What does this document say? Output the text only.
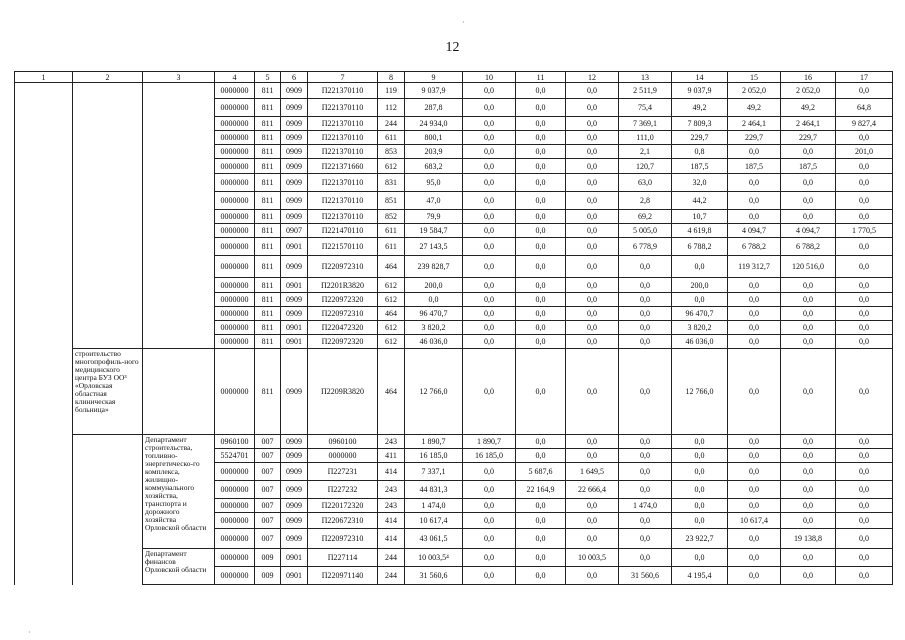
12
1	2	3	4	5	6	7	8	9	10	11	12	13	14	15	16	17
			0000000	811	0909	П221370110	119	9 037,9	0,0	0,0	0,0	2 511,9	9 037,9	2 052,0	2 052,0	0,0
			0000000	811	0909	П221370110	112	287,8	0,0	0,0	0,0	75,4	49,2	49,2	49,2	64,8
			0000000	811	0909	П221370110	244	24 934,0	0,0	0,0	0,0	7 369,1	7 809,3	2 464,1	2 464,1	9 827,4
			0000000	811	0909	П221370110	611	800,1	0,0	0,0	0,0	111,0	229,7	229,7	229,7	0,0
			0000000	811	0909	П221370110	853	203,9	0,0	0,0	0,0	2,1	0,8	0,0	0,0	201,0
			0000000	811	0909	П221371660	612	683,2	0,0	0,0	0,0	120,7	187,5	187,5	187,5	0,0
			0000000	811	0909	П221370110	831	95,0	0,0	0,0	0,0	63,0	32,0	0,0	0,0	0,0
			0000000	811	0909	П221370110	851	47,0	0,0	0,0	0,0	2,8	44,2	0,0	0,0	0,0
			0000000	811	0909	П221370110	852	79,9	0,0	0,0	0,0	69,2	10,7	0,0	0,0	0,0
			0000000	811	0907	П221470110	611	19 584,7	0,0	0,0	0,0	5 005,0	4 619,8	4 094,7	4 094,7	1 770,5
			0000000	811	0901	П221570110	611	27 143,5	0,0	0,0	0,0	6 778,9	6 788,2	6 788,2	6 788,2	0,0
			0000000	811	0909	П220972310	464	239 828,7	0,0	0,0	0,0	0,0	0,0	119 312,7	120 516,0	0,0
			0000000	811	0901	П2201R3820	612	200,0	0,0	0,0	0,0	0,0	200,0	0,0	0,0	0,0
			0000000	811	0909	П220972320	612	0,0	0,0	0,0	0,0	0,0	0,0	0,0	0,0	0,0
			0000000	811	0909	П220972310	464	96 470,7	0,0	0,0	0,0	0,0	96 470,7	0,0	0,0	0,0
			0000000	811	0901	П220472320	612	3 820,2	0,0	0,0	0,0	0,0	3 820,2	0,0	0,0	0,0
			0000000	811	0901	П220972320	612	46 036,0	0,0	0,0	0,0	0,0	46 036,0	0,0	0,0	0,0
	строительство многопрофиль-ного медицинского центра БУЗ ОО³ «Орловская областная клиническая больница»		0000000	811	0909	П2209R3820	464	12 766,0	0,0	0,0	0,0	0,0	12 766,0	0,0	0,0	0,0
		Департамент строительства, топливно-энергетическо-го комплекса, жилищно-коммунального хозяйства, транспорта и дорожного хозяйства Орловской области	0960100	007	0909	0960100	243	1 890,7	1 890,7	0,0	0,0	0,0	0,0	0,0	0,0	0,0
			5524701	007	0909	0000000	411	16 185,0	16 185,0	0,0	0,0	0,0	0,0	0,0	0,0	0,0
			0000000	007	0909	П227231	414	7 337,1	0,0	5 687,6	1 649,5	0,0	0,0	0,0	0,0	0,0
			0000000	007	0909	П227232	243	44 831,3	0,0	22 164,9	22 666,4	0,0	0,0	0,0	0,0	0,0
			0000000	007	0909	П220172320	243	1 474,0	0,0	0,0	0,0	1 474,0	0,0	0,0	0,0	0,0
			0000000	007	0909	П220672310	414	10 617,4	0,0	0,0	0,0	0,0	0,0	10 617,4	0,0	0,0
			0000000	007	0909	П220972310	414	43 061,5	0,0	0,0	0,0	0,0	23 922,7	0,0	19 138,8	0,0
		Департамент финансов Орловской области	0000000	009	0901	П227114	244	10 003,5⁴	0,0	0,0	10 003,5	0,0	0,0	0,0	0,0	0,0
			0000000	009	0901	П220971140	244	31 560,6	0,0	0,0	0,0	31 560,6	4 195,4	0,0	0,0	0,0
·
·
